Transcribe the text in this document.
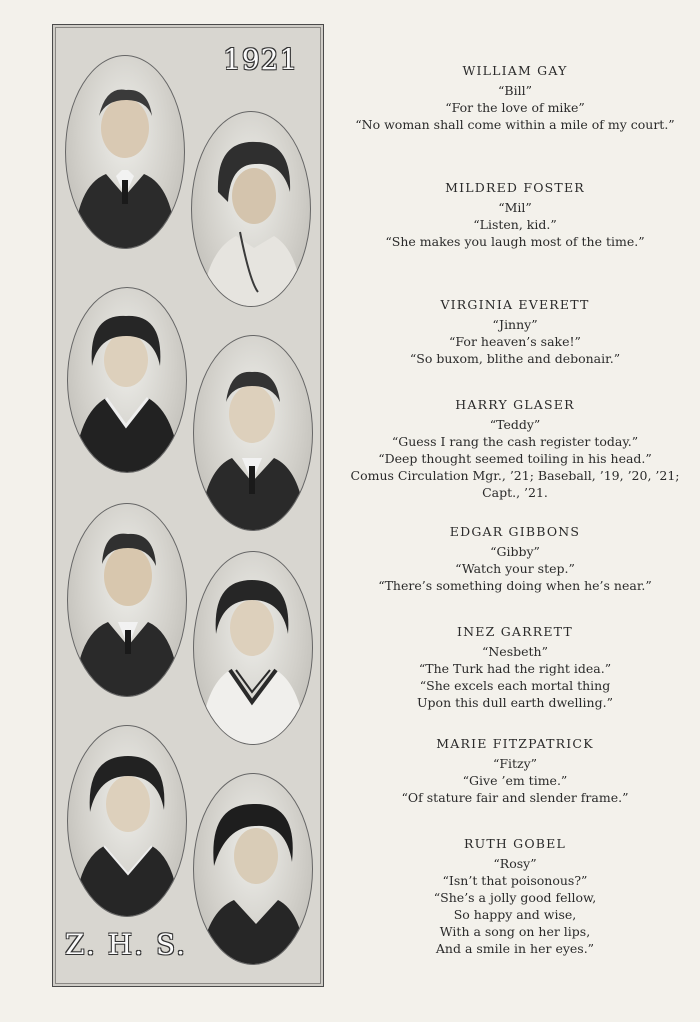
1921
Z. H. S.
WILLIAM GAY
“Bill”
“For the love of mike”
“No woman shall come within a mile of my court.”
MILDRED FOSTER
“Mil”
“Listen, kid.”
“She makes you laugh most of the time.”
VIRGINIA EVERETT
“Jinny”
“For heaven’s sake!”
“So buxom, blithe and debonair.”
HARRY GLASER
“Teddy”
“Guess I rang the cash register today.”
“Deep thought seemed toiling in his head.”
Comus Circulation Mgr., ’21; Baseball, ’19, ’20, ’21;
Capt., ’21.
EDGAR GIBBONS
“Gibby”
“Watch your step.”
“There’s something doing when he’s near.”
INEZ GARRETT
“Nesbeth”
“The Turk had the right idea.”
“She excels each mortal thing
Upon this dull earth dwelling.”
MARIE FITZPATRICK
“Fitzy”
“Give ’em time.”
“Of stature fair and slender frame.”
RUTH GOBEL
“Rosy”
“Isn’t that poisonous?”
“She’s a jolly good fellow,
So happy and wise,
With a song on her lips,
And a smile in her eyes.”
